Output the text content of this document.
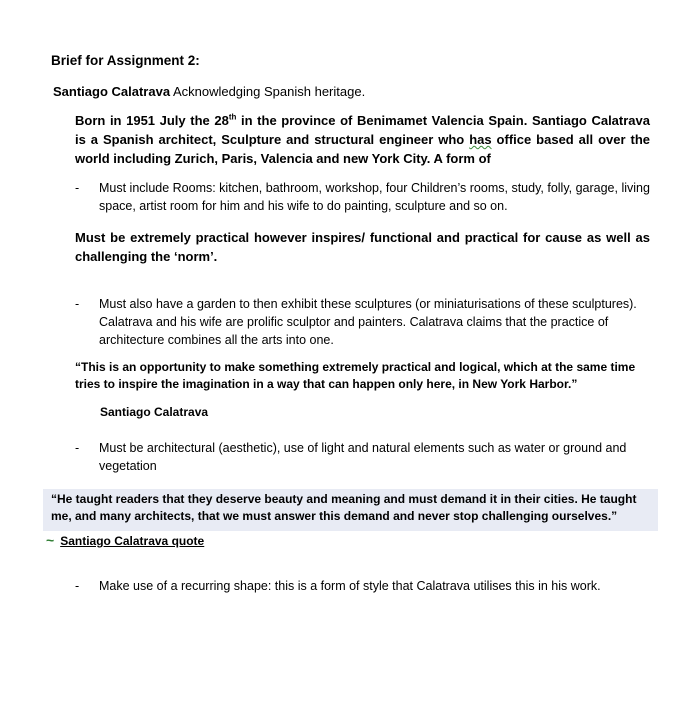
Brief for Assignment 2:
Santiago Calatrava Acknowledging Spanish heritage.
Born in 1951 July the 28th in the province of Benimamet Valencia Spain. Santiago Calatrava is a Spanish architect, Sculpture and structural engineer who has office based all over the world including Zurich, Paris, Valencia and new York City. A form of
- Must include Rooms: kitchen, bathroom, workshop, four Children’s rooms, study, folly, garage, living space, artist room for him and his wife to do painting, sculpture and so on.
Must be extremely practical however inspires/ functional and practical for cause as well as challenging the ‘norm’.
- Must also have a garden to then exhibit these sculptures (or miniaturisations of these sculptures). Calatrava and his wife are prolific sculptor and painters. Calatrava claims that the practice of architecture combines all the arts into one.
“This is an opportunity to make something extremely practical and logical, which at the same time tries to inspire the imagination in a way that can happen only here, in New York Harbor.”
Santiago Calatrava
- Must be architectural (aesthetic), use of light and natural elements such as water or ground and vegetation
“He taught readers that they deserve beauty and meaning and must demand it in their cities. He taught me, and many architects, that we must answer this demand and never stop challenging ourselves.”
~ Santiago Calatrava quote
- Make use of a recurring shape: this is a form of style that Calatrava utilises this in his work.
